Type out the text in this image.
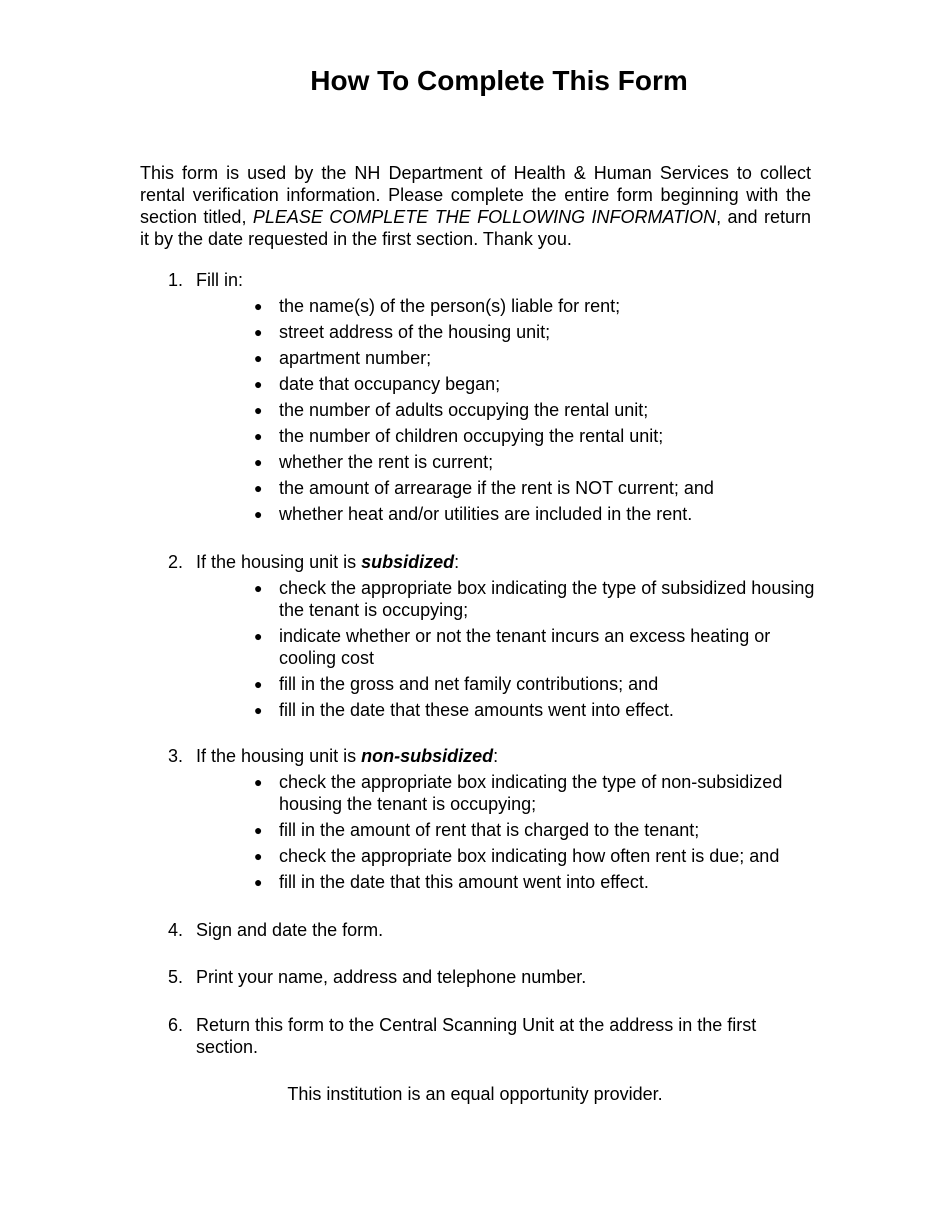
How To Complete This Form

This form is used by the NH Department of Health & Human Services to collect rental verification information. Please complete the entire form beginning with the section titled, PLEASE COMPLETE THE FOLLOWING INFORMATION, and return it by the date requested in the first section. Thank you.

1. Fill in:
● the name(s) of the person(s) liable for rent;
● street address of the housing unit;
● apartment number;
● date that occupancy began;
● the number of adults occupying the rental unit;
● the number of children occupying the rental unit;
● whether the rent is current;
● the amount of arrearage if the rent is NOT current; and
● whether heat and/or utilities are included in the rent.
2. If the housing unit is subsidized:
● check the appropriate box indicating the type of subsidized housing the tenant is occupying;
● indicate whether or not the tenant incurs an excess heating or cooling cost
● fill in the gross and net family contributions; and
● fill in the date that these amounts went into effect.
3. If the housing unit is non-subsidized:
● check the appropriate box indicating the type of non-subsidized housing the tenant is occupying;
● fill in the amount of rent that is charged to the tenant;
● check the appropriate box indicating how often rent is due; and
● fill in the date that this amount went into effect.
4. Sign and date the form.
5. Print your name, address and telephone number.
6. Return this form to the Central Scanning Unit at the address in the first section.
This institution is an equal opportunity provider.
